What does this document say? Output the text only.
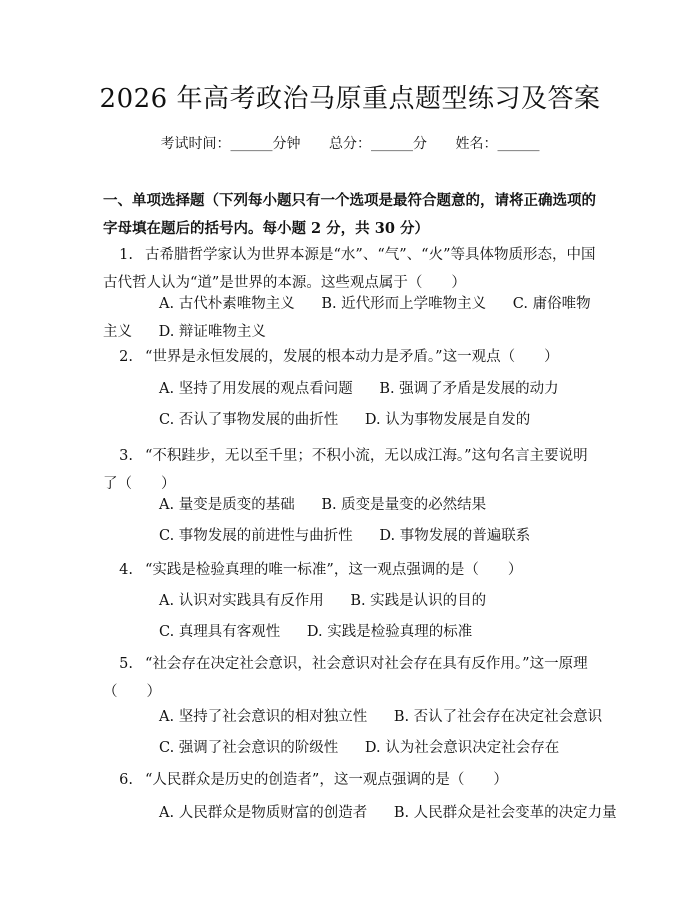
2026 年高考政治马原重点题型练习及答案
考试时间：______分钟 总分：______分 姓名：______
一、单项选择题（下列每小题只有一个选项是最符合题意的，请将正确选项的字母填在题后的括号内。每小题 2 分，共 30 分）
1. 古希腊哲学家认为世界本源是“水”、“气”、“火”等具体物质形态，中国古代哲人认为“道”是世界的本源。这些观点属于（　　）
A. 古代朴素唯物主义 B. 近代形而上学唯物主义 C. 庸俗唯物主义 D. 辩证唯物主义
2. “世界是永恒发展的，发展的根本动力是矛盾。”这一观点（　　）
A. 坚持了用发展的观点看问题 B. 强调了矛盾是发展的动力
C. 否认了事物发展的曲折性 D. 认为事物发展是自发的
3. “不积跬步，无以至千里；不积小流，无以成江海。”这句名言主要说明了（　　）
A. 量变是质变的基础 B. 质变是量变的必然结果
C. 事物发展的前进性与曲折性 D. 事物发展的普遍联系
4. “实践是检验真理的唯一标准”，这一观点强调的是（　　）
A. 认识对实践具有反作用 B. 实践是认识的目的
C. 真理具有客观性 D. 实践是检验真理的标准
5. “社会存在决定社会意识，社会意识对社会存在具有反作用。”这一原理（　　）
A. 坚持了社会意识的相对独立性 B. 否认了社会存在决定社会意识
C. 强调了社会意识的阶级性 D. 认为社会意识决定社会存在
6. “人民群众是历史的创造者”，这一观点强调的是（　　）
A. 人民群众是物质财富的创造者 B. 人民群众是社会变革的决定力量
